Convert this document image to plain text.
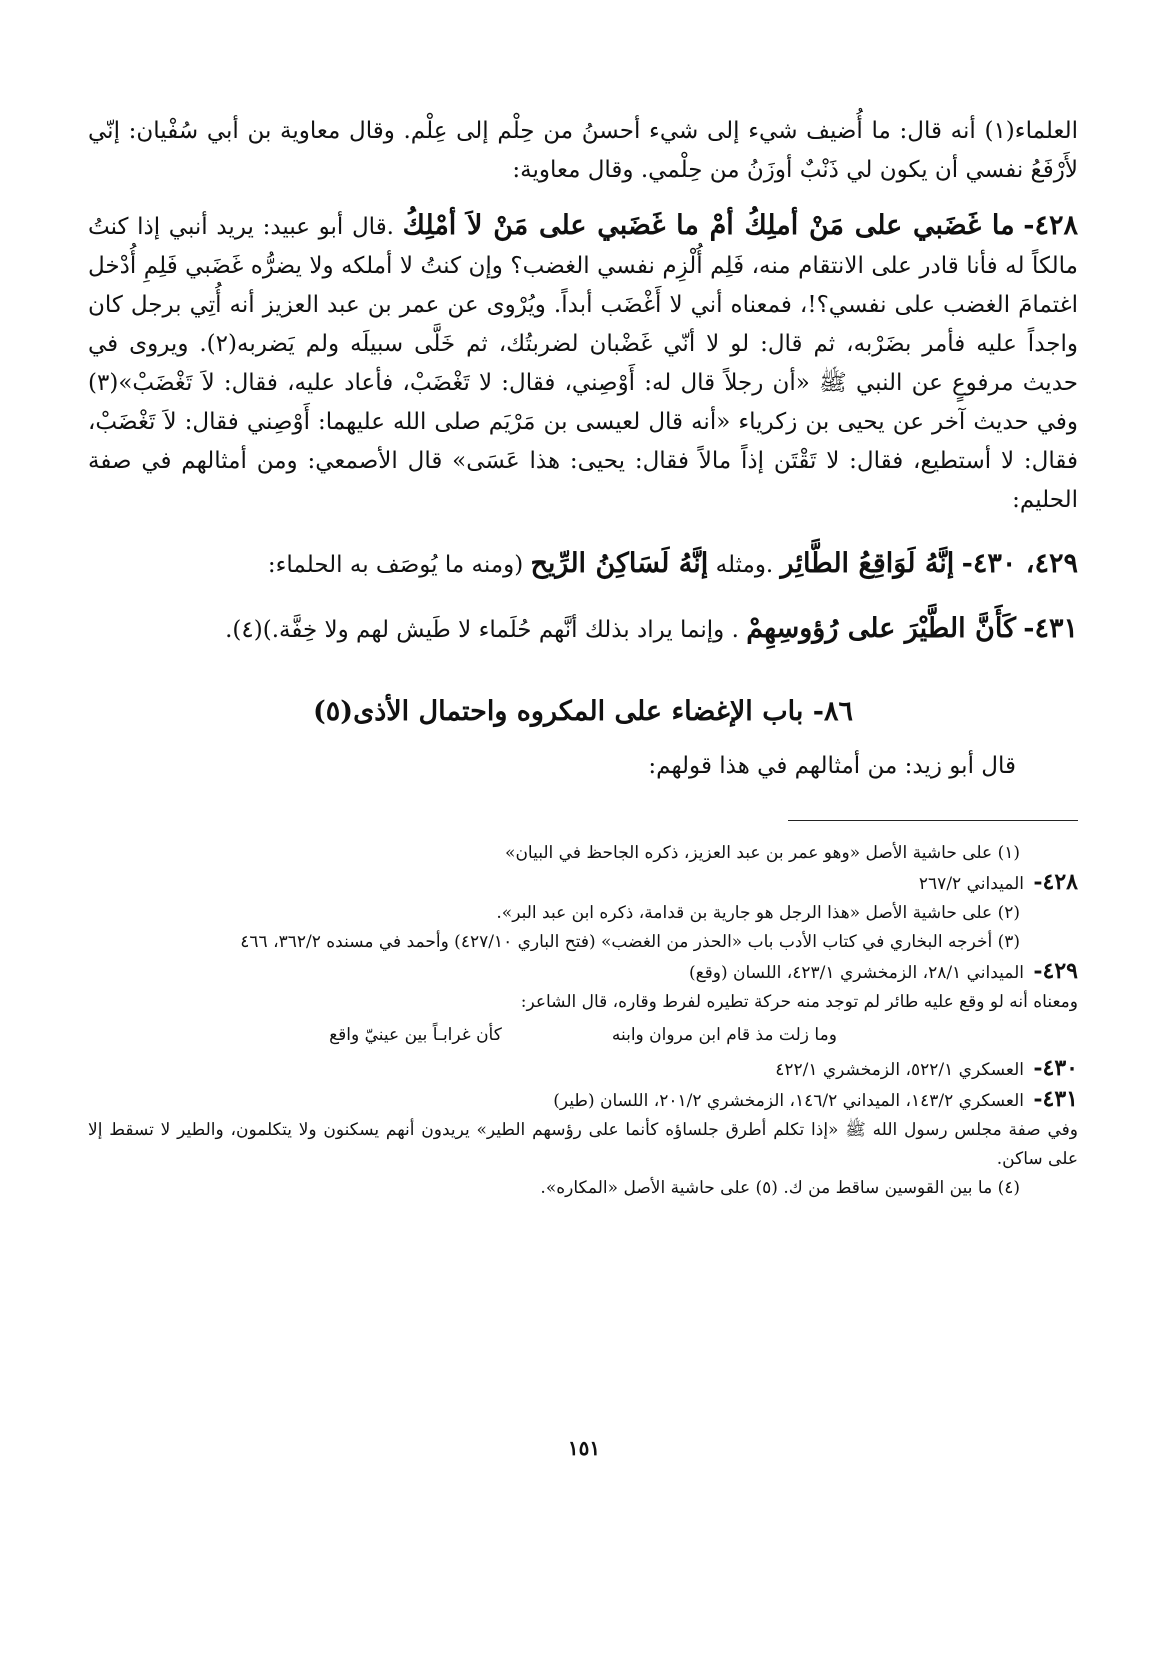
العلماء(١) أنه قال: ما أُضيف شيء إلى شيء أحسنُ من حِلْم إلى عِلْم. وقال معاوية بن أبي سُفْيان: إنّي لأَرْفَعُ نفسي أن يكون لي ذَنْبٌ أوزَنُ من حِلْمي. وقال معاوية:

٤٢٨- ما غَضَبي على مَنْ أملِكُ أمْ ما غَضَبي على مَنْ لاَ أمْلِكُ .قال أبو عبيد: يريد أنبي إذا كنتُ مالكاً له فأنا قادر على الانتقام منه، فَلِم أُلْزِم نفسي الغضب؟ وإن كنتُ لا أملكه ولا يضرُّه غَضَبي فَلِمِ أُدْخل اغتمامَ الغضب على نفسي؟!، فمعناه أني لا أَغْضَب أبداً. ويُرْوى عن عمر بن عبد العزيز أنه أُتِي برجل كان واجداً عليه فأمر بضَرْبه، ثم قال: لو لا أنّي غَضْبان لضربتُك، ثم خَلَّى سبيلَه ولم يَضربه(٢). ويروى في حديث مرفوعٍ عن النبي ﷺ «أن رجلاً قال له: أَوْصِني، فقال: لا تَغْضَبْ، فأعاد عليه، فقال: لاَ تَغْضَبْ»(٣) وفي حديث آخر عن يحيى بن زكرياء «أنه قال لعيسى بن مَرْيَم صلى الله عليهما: أَوْصِني فقال: لاَ تَغْضَبْ، فقال: لا أستطيع، فقال: لا تَقْتَن إذاً مالاً فقال: يحيى: هذا عَسَى» قال الأصمعي: ومن أمثالهم في صفة الحليم:

٤٢٩، ٤٣٠- إنَّهُ لَوَاقِعُ الطَّائِر .ومثله إنَّهُ لَسَاكِنُ الرِّيح (ومنه ما يُوصَف به الحلماء:

٤٣١- كَأَنَّ الطَّيْرَ على رُؤوسِهِمْ . وإنما يراد بذلك أنَّهم حُلَماء لا طَيش لهم ولا خِفَّة.)(٤).

٨٦- باب الإغضاء على المكروه واحتمال الأذى(٥)

قال أبو زيد: من أمثالهم في هذا قولهم:

(١) على حاشية الأصل «وهو عمر بن عبد العزيز، ذكره الجاحظ في البيان»

٤٢٨- الميداني ٢٦٧/٢

(٢) على حاشية الأصل «هذا الرجل هو جارية بن قدامة، ذكره ابن عبد البر».

(٣) أخرجه البخاري في كتاب الأدب باب «الحذر من الغضب» (فتح الباري ٤٢٧/١٠) وأحمد في مسنده ٣٦٢/٢، ٤٦٦

٤٢٩- الميداني ٢٨/١، الزمخشري ٤٢٣/١، اللسان (وقع)

ومعناه أنه لو وقع عليه طائر لم توجد منه حركة تطيره لفرط وقاره، قال الشاعر:

وما زلت مذ قام ابن مروان وابنه
كأن غرابـاً بين عينيّ واقع

٤٣٠- العسكري ٥٢٢/١، الزمخشري ٤٢٢/١

٤٣١- العسكري ١٤٣/٢، الميداني ١٤٦/٢، الزمخشري ٢٠١/٢، اللسان (طير)

وفي صفة مجلس رسول الله ﷺ «إذا تكلم أطرق جلساؤه كأنما على رؤسهم الطير» يريدون أنهم يسكنون ولا يتكلمون، والطير لا تسقط إلا على ساكن.

(٤) ما بين القوسين ساقط من ك. (٥) على حاشية الأصل «المكاره».

١٥١
